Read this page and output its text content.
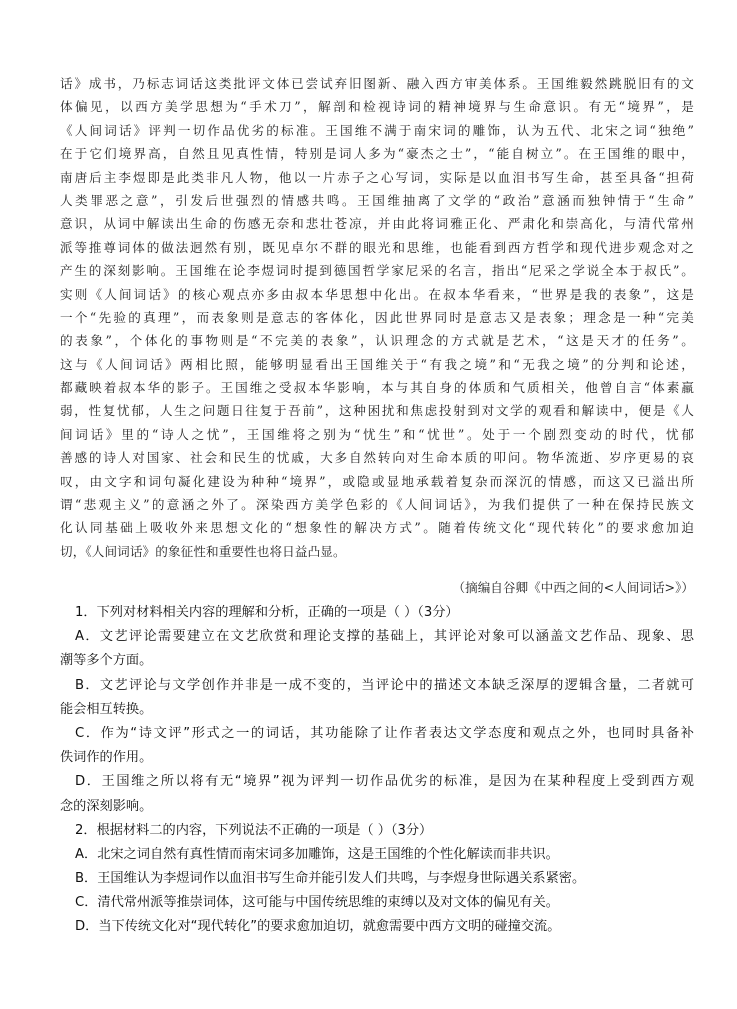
话》成书，乃标志词话这类批评文体已尝试弃旧图新、融入西方审美体系。王国维毅然跳脱旧有的文
体偏见，以西方美学思想为“手术刀”，解剖和检视诗词的精神境界与生命意识。有无“境界”，是
《人间词话》评判一切作品优劣的标准。王国维不满于南宋词的雕饰，认为五代、北宋之词“独绝”
在于它们境界高，自然且见真性情，特别是词人多为“豪杰之士”，“能自树立”。在王国维的眼中，
南唐后主李煜即是此类非凡人物，他以一片赤子之心写词，实际是以血泪书写生命，甚至具备“担荷
人类罪恶之意”，引发后世强烈的情感共鸣。王国维抽离了文学的“政治”意涵而独钟情于“生命”
意识，从词中解读出生命的伤感无奈和悲壮苍凉，并由此将词雅正化、严肃化和崇高化，与清代常州
派等推尊词体的做法迥然有别，既见卓尔不群的眼光和思维，也能看到西方哲学和现代进步观念对之
产生的深刻影响。王国维在论李煜词时提到德国哲学家尼采的名言，指出“尼采之学说全本于叔氏”。
实则《人间词话》的核心观点亦多由叔本华思想中化出。在叔本华看来，“世界是我的表象”，这是
一个“先验的真理”，而表象则是意志的客体化，因此世界同时是意志又是表象；理念是一种“完美
的表象”，个体化的事物则是“不完美的表象”，认识理念的方式就是艺术，“这是天才的任务”。
这与《人间词话》两相比照，能够明显看出王国维关于“有我之境”和“无我之境”的分判和论述，
都藏映着叔本华的影子。王国维之受叔本华影响，本与其自身的体质和气质相关，他曾自言“体素羸
弱，性复忧郁，人生之问题日往复于吾前”，这种困扰和焦虑投射到对文学的观看和解读中，便是《人
间词话》里的“诗人之忧”，王国维将之别为“忧生”和“忧世”。处于一个剧烈变动的时代，忧郁
善感的诗人对国家、社会和民生的忧戚，大多自然转向对生命本质的叩问。物华流逝、岁序更易的哀
叹，由文字和词句凝化建设为种种“境界”，或隐或显地承载着复杂而深沉的情感，而这又已溢出所
谓“悲观主义”的意涵之外了。深染西方美学色彩的《人间词话》，为我们提供了一种在保持民族文
化认同基础上吸收外来思想文化的“想象性的解决方式”。随着传统文化“现代转化”的要求愈加迫
切，《人间词话》的象征性和重要性也将日益凸显。
（摘编自谷卿《中西之间的<人间词话>》）
1．下列对材料相关内容的理解和分析，正确的一项是（ ）（3分）
A．文艺评论需要建立在文艺欣赏和理论支撑的基础上，其评论对象可以涵盖文艺作品、现象、思
潮等多个方面。
B．文艺评论与文学创作并非是一成不变的，当评论中的描述文本缺乏深厚的逻辑含量，二者就可
能会相互转换。
C．作为“诗文评”形式之一的词话，其功能除了让作者表达文学态度和观点之外，也同时具备补
佚词作的作用。
D．王国维之所以将有无“境界”视为评判一切作品优劣的标准，是因为在某种程度上受到西方观
念的深刻影响。
2．根据材料二的内容，下列说法不正确的一项是（ ）（3分）
A．北宋之词自然有真性情而南宋词多加雕饰，这是王国维的个性化解读而非共识。
B．王国维认为李煜词作以血泪书写生命并能引发人们共鸣，与李煜身世际遇关系紧密。
C．清代常州派等推崇词体，这可能与中国传统思维的束缚以及对文体的偏见有关。
D．当下传统文化对“现代转化”的要求愈加迫切，就愈需要中西方文明的碰撞交流。
